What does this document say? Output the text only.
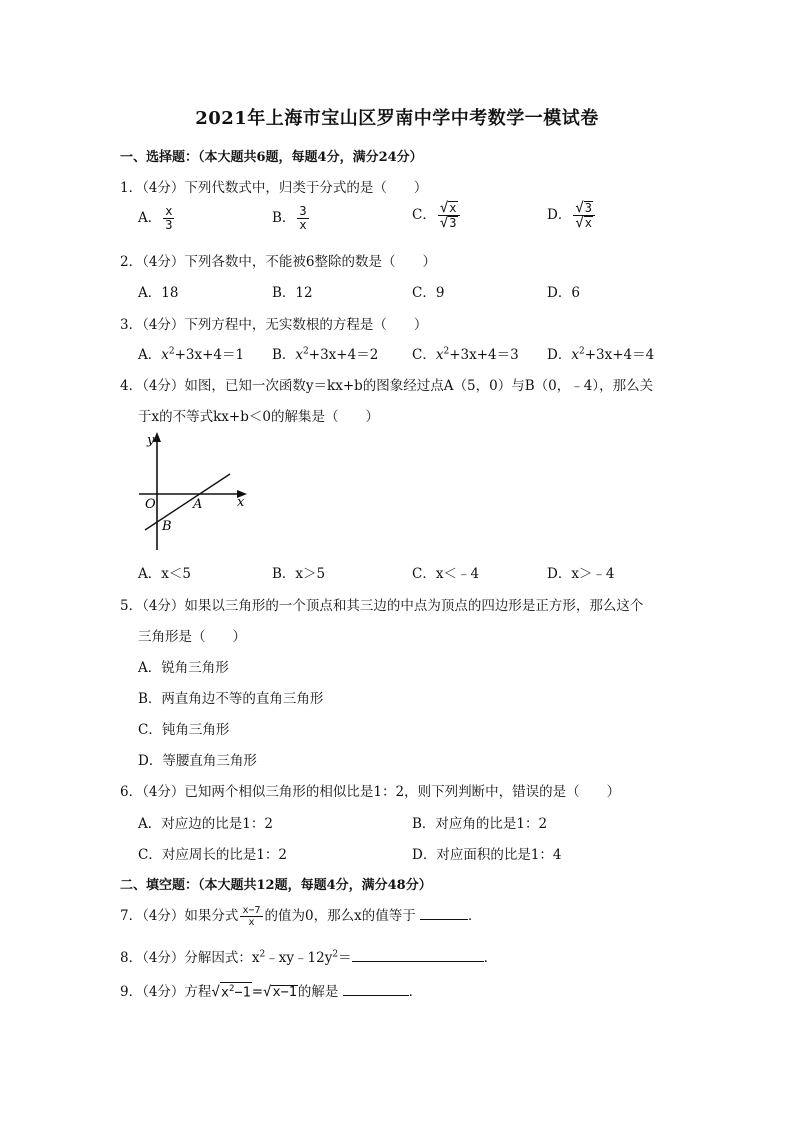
2021年上海市宝山区罗南中学中考数学一模试卷
一、选择题：（本大题共6题，每题4分，满分24分）
1．（4分）下列代数式中，归类于分式的是（　　）
A． $\frac{x}{3}$	B． $\frac{3}{x}$	C． $\frac{√ x}{√ 3}$	D． $\frac{√ 3}{√ x}$
2．（4分）下列各数中，不能被6整除的数是（　　）
A．18	B．12	C．9	D．6
3．（4分）下列方程中，无实数根的方程是（　　）
A．$x^2+3x+4=1$ B．$x^2+3x+4=2$ C．$x^2+3x+4=3$ D．$x^2+3x+4=4$
4．（4分）如图，已知一次函数y＝kx+b的图象经过点A（5，0）与B（0，﹣4），那么关
于x的不等式kx+b＜0的解集是（　　）
y
x
O	A
B
A．x＜5	B．x＞5	C．x＜﹣4	D．x＞﹣4
5．（4分）如果以三角形的一个顶点和其三边的中点为顶点的四边形是正方形，那么这个
三角形是（　　）
A．锐角三角形
B．两直角边不等的直角三角形
C．钝角三角形
D．等腰直角三角形
6．（4分）已知两个相似三角形的相似比是1：2，则下列判断中，错误的是（　　）
A．对应边的比是1：2	B．对应角的比是1：2
C．对应周长的比是1：2	D．对应面积的比是1：4
二、填空题：（本大题共12题，每题4分，满分48分）
7．（4分）如果分式 $\frac{x-7}{x}$ 的值为0，那么x的值等于	．
8．（4分）分解因式：$x^2﹣xy﹣12y^2=$	．
9．（4分）方程 √ $x^2-1$ = √ x−1 的解是	．
